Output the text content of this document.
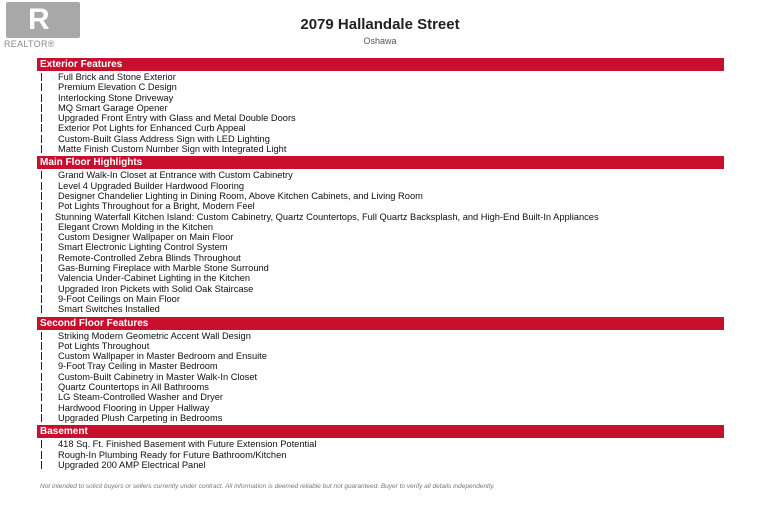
R
REALTOR®
2079 Hallandale Street
Oshawa
Exterior Features
Full Brick and Stone Exterior
Premium Elevation C Design
Interlocking Stone Driveway
MQ Smart Garage Opener
Upgraded Front Entry with Glass and Metal Double Doors
Exterior Pot Lights for Enhanced Curb Appeal
Custom-Built Glass Address Sign with LED Lighting
Matte Finish Custom Number Sign with Integrated Light
Main Floor Highlights
Grand Walk-In Closet at Entrance with Custom Cabinetry
Level 4 Upgraded Builder Hardwood Flooring
Designer Chandelier Lighting in Dining Room, Above Kitchen Cabinets, and Living Room
Pot Lights Throughout for a Bright, Modern Feel
Stunning Waterfall Kitchen Island: Custom Cabinetry, Quartz Countertops, Full Quartz Backsplash, and High-End Built-In Appliances
Elegant Crown Molding in the Kitchen
Custom Designer Wallpaper on Main Floor
Smart Electronic Lighting Control System
Remote-Controlled Zebra Blinds Throughout
Gas-Burning Fireplace with Marble Stone Surround
Valencia Under-Cabinet Lighting in the Kitchen
Upgraded Iron Pickets with Solid Oak Staircase
9-Foot Ceilings on Main Floor
Smart Switches Installed
Second Floor Features
Striking Modern Geometric Accent Wall Design
Pot Lights Throughout
Custom Wallpaper in Master Bedroom and Ensuite
9-Foot Tray Ceiling in Master Bedroom
Custom-Built Cabinetry in Master Walk-In Closet
Quartz Countertops in All Bathrooms
LG Steam-Controlled Washer and Dryer
Hardwood Flooring in Upper Hallway
Upgraded Plush Carpeting in Bedrooms
Basement
418 Sq. Ft. Finished Basement with Future Extension Potential
Rough-In Plumbing Ready for Future Bathroom/Kitchen
Upgraded 200 AMP Electrical Panel
Not intended to solicit buyers or sellers currently under contract. All information is deemed reliable but not guaranteed. Buyer to verify all details independently.
